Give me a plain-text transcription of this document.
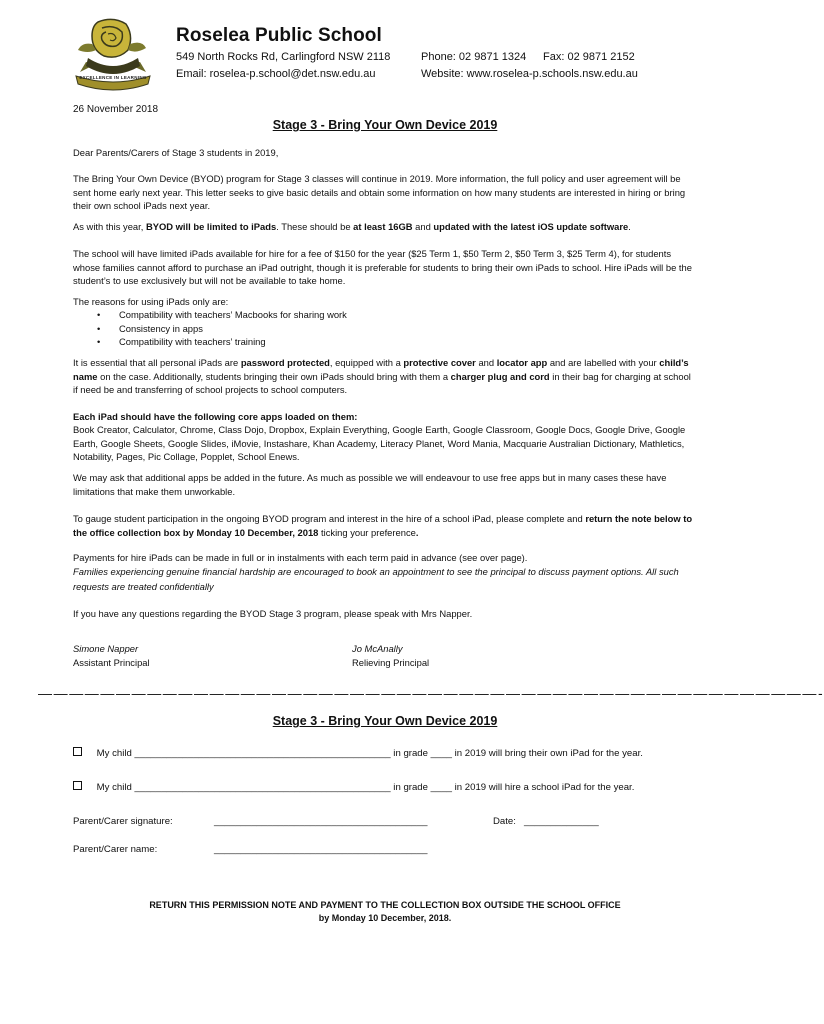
EXCELLENCE IN LEARNING
Roselea Public School
549 North Rocks Rd, Carlingford NSW 2118	Phone: 02 9871 1324 Fax: 02 9871 2152
Email: roselea-p.school@det.nsw.edu.au	Website: www.roselea-p.schools.nsw.edu.au
26 November 2018
Stage 3 - Bring Your Own Device 2019
Dear Parents/Carers of Stage 3 students in 2019,

The Bring Your Own Device (BYOD) program for Stage 3 classes will continue in 2019. More information, the full policy and user agreement will be sent home early next year. This letter seeks to give basic details and obtain some information on how many students are interested in hiring or bring their own school iPads next year.

As with this year, BYOD will be limited to iPads. These should be at least 16GB and updated with the latest iOS update software.

The school will have limited iPads available for hire for a fee of $150 for the year ($25 Term 1, $50 Term 2, $50 Term 3, $25 Term 4), for students whose families cannot afford to purchase an iPad outright, though it is preferable for students to bring their own iPads to school. Hire iPads will be the student’s to use exclusively but will not be available to take home.

The reasons for using iPads only are:

• Compatibility with teachers’ Macbooks for sharing work
• Consistency in apps
• Compatibility with teachers’ training

It is essential that all personal iPads are password protected, equipped with a protective cover and locator app and are labelled with your child’s name on the case. Additionally, students bringing their own iPads should bring with them a charger plug and cord in their bag for charging at school if need be and transferring of school projects to school computers.

Each iPad should have the following core apps loaded on them:

Book Creator, Calculator, Chrome, Class Dojo, Dropbox, Explain Everything, Google Earth, Google Classroom, Google Docs, Google Drive, Google Earth, Google Sheets, Google Slides, iMovie, Instashare, Khan Academy, Literacy Planet, Word Mania, Macquarie Australian Dictionary, Mathletics, Notability, Pages, Pic Collage, Popplet, School Enews.

We may ask that additional apps be added in the future. As much as possible we will endeavour to use free apps but in many cases these have limitations that make them unworkable.

To gauge student participation in the ongoing BYOD program and interest in the hire of a school iPad, please complete and return the note below to the office collection box by Monday 10 December, 2018 ticking your preference.

Payments for hire iPads can be made in full or in instalments with each term paid in advance (see over page).

Families experiencing genuine financial hardship are encouraged to book an appointment to see the principal to discuss payment options. All such requests are treated confidentially

If you have any questions regarding the BYOD Stage 3 program, please speak with Mrs Napper.

Simone Napper
Assistant Principal
Jo McAnally
Relieving Principal
——————————————————————————————————————————————————-
Stage 3 - Bring Your Own Device 2019
My child ________________________________________________ in grade ____ in 2019 will bring their own iPad for the year.
My child ________________________________________________ in grade ____ in 2019 will hire a school iPad for the year.
Parent/Carer signature:	________________________________________	Date: ______________
Parent/Carer name:	________________________________________
RETURN THIS PERMISSION NOTE AND PAYMENT TO THE COLLECTION BOX OUTSIDE THE SCHOOL OFFICE
by Monday 10 December, 2018.
